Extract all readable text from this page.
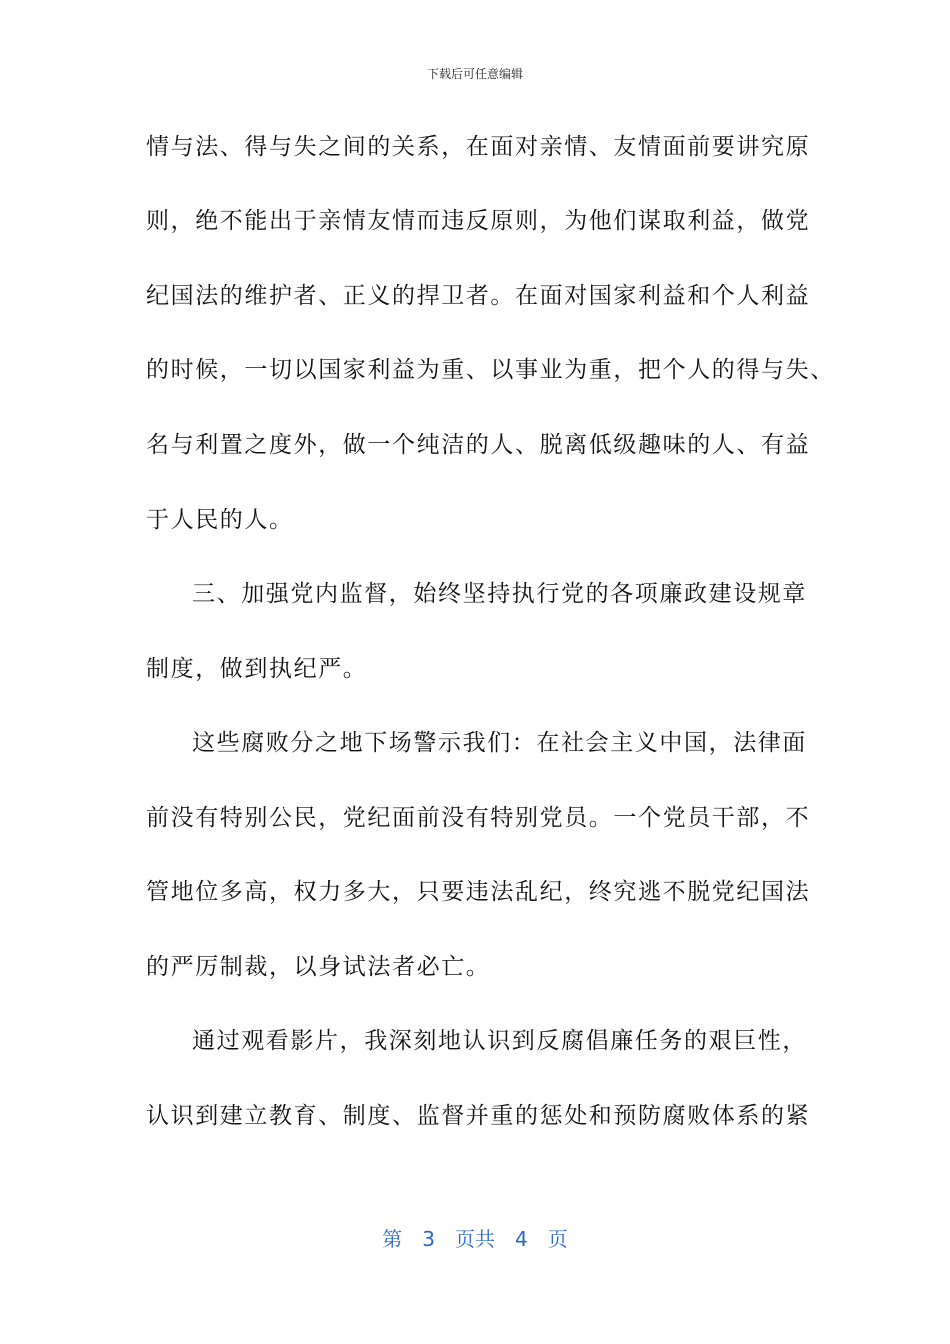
下载后可任意编辑
情与法、得与失之间的关系，在面对亲情、友情面前要讲究原
则，绝不能出于亲情友情而违反原则，为他们谋取利益，做党
纪国法的维护者、正义的捍卫者。在面对国家利益和个人利益
的时候，一切以国家利益为重、以事业为重，把个人的得与失、
名与利置之度外，做一个纯洁的人、脱离低级趣味的人、有益
于人民的人。
三、加强党内监督，始终坚持执行党的各项廉政建设规章
制度，做到执纪严。
这些腐败分之地下场警示我们：在社会主义中国，法律面
前没有特别公民，党纪面前没有特别党员。一个党员干部，不
管地位多高，权力多大，只要违法乱纪，终究逃不脱党纪国法
的严厉制裁，以身试法者必亡。
通过观看影片，我深刻地认识到反腐倡廉任务的艰巨性，
认识到建立教育、制度、监督并重的惩处和预防腐败体系的紧
第 3 页共 4 页
